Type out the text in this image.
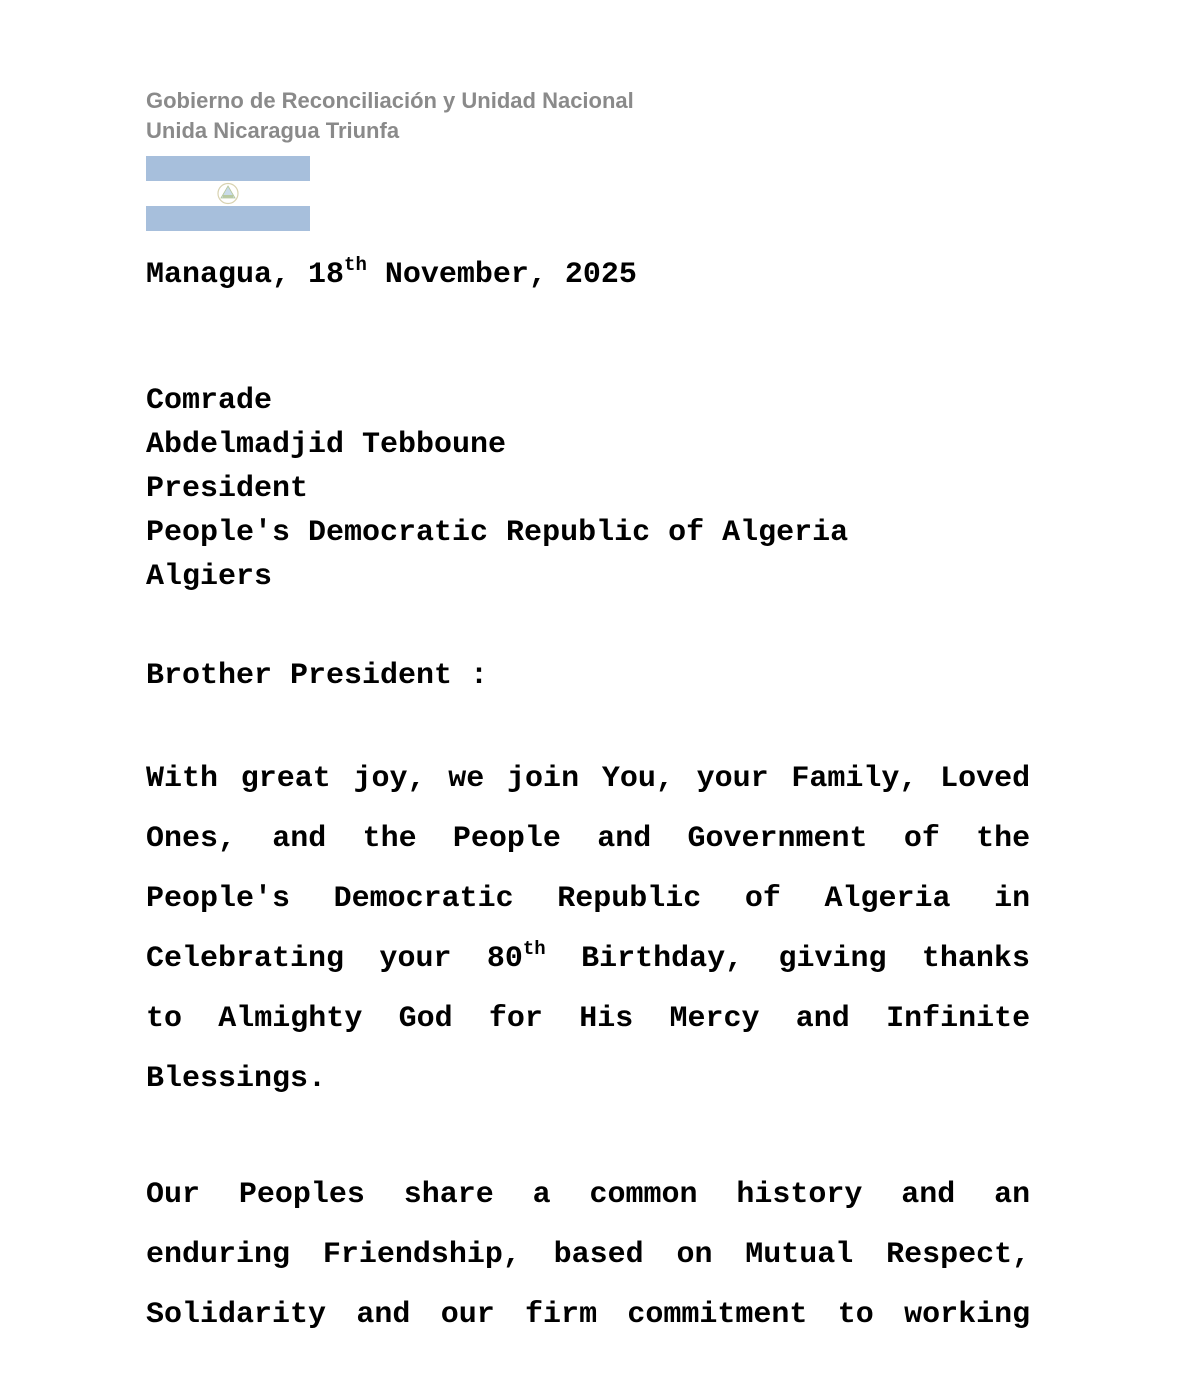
Gobierno de Reconciliación y Unidad Nacional
Unida Nicaragua Triunfa
Managua, 18th November, 2025
Comrade
Abdelmadjid Tebboune
President
People's Democratic Republic of Algeria
Algiers
Brother President :
With great joy, we join You, your Family, Loved
Ones, and the People and Government of the
People's Democratic Republic of Algeria in
Celebrating your 80th Birthday, giving thanks
to Almighty God for His Mercy and Infinite
Blessings.
Our Peoples share a common history and an
enduring Friendship, based on Mutual Respect,
Solidarity and our firm commitment to working
